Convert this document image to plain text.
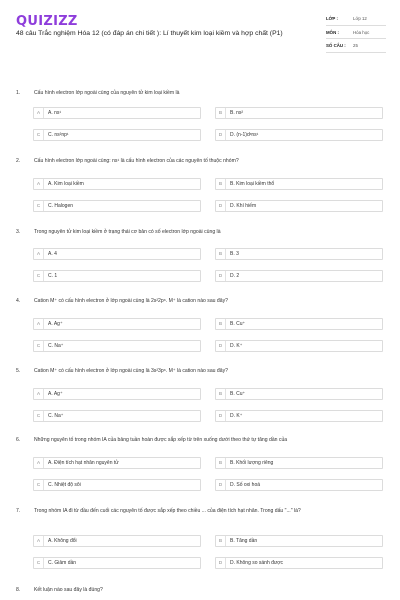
QUIZIZZ
48 câu Trắc nghiệm Hóa 12 (có đáp án chi tiết ): Lí thuyết kim loại kiềm và hợp chất (P1)
LỚP :	Lớp 12
MÔN :	Hóa học
SỐ CÂU :	25
1.	Cấu hình electron lớp ngoài cùng của nguyên tử kim loại kiềm là
A	A. ns¹	B	B. ns²
C	C. ns²np¹	D	D. (n-1)dˣns¹
2.	Cấu hình electron lớp ngoài cùng: ns¹ là cấu hình electron của các nguyên tố thuộc nhóm?
A	A. Kim loại kiềm	B	B. Kim loại kiềm thổ
C	C. Halogen	D	D. Khí hiếm
3.	Trong nguyên tử kim loại kiềm ở trạng thái cơ bản có số electron lớp ngoài cùng là
A	A. 4	B	B. 3
C	C. 1	D	D. 2
4.	Cation M⁺ có cấu hình electron ở lớp ngoài cùng là 2s²2p⁶. M⁺ là cation nào sau đây?
A	A. Ag⁺	B	B. Cu⁺
C	C. Na⁺	D	D. K⁺
5.	Cation M⁺ có cấu hình electron ở lớp ngoài cùng là 3s²3p⁶. M⁺ là cation nào sau đây?
A	A. Ag⁺	B	B. Cu⁺
C	C. Na⁺	D	D. K⁺
6.	Những nguyên tố trong nhóm IA của bảng tuần hoàn được sắp xếp từ trên xuống dưới theo thứ tự tăng dần của
A	A. Điện tích hạt nhân nguyên tử	B	B. Khối lượng riêng
C	C. Nhiệt độ sôi	D	D. Số oxi hoá
7.	Trong nhóm IA đi từ đầu đến cuối các nguyên tố được sắp xếp theo chiều ... của điện tích hạt nhân. Trong dấu "..." là?
A	A. Không đổi	B	B. Tăng dần
C	C. Giảm dần	D	D. Không so sánh được
8.	Kết luận nào sau đây là đúng?
